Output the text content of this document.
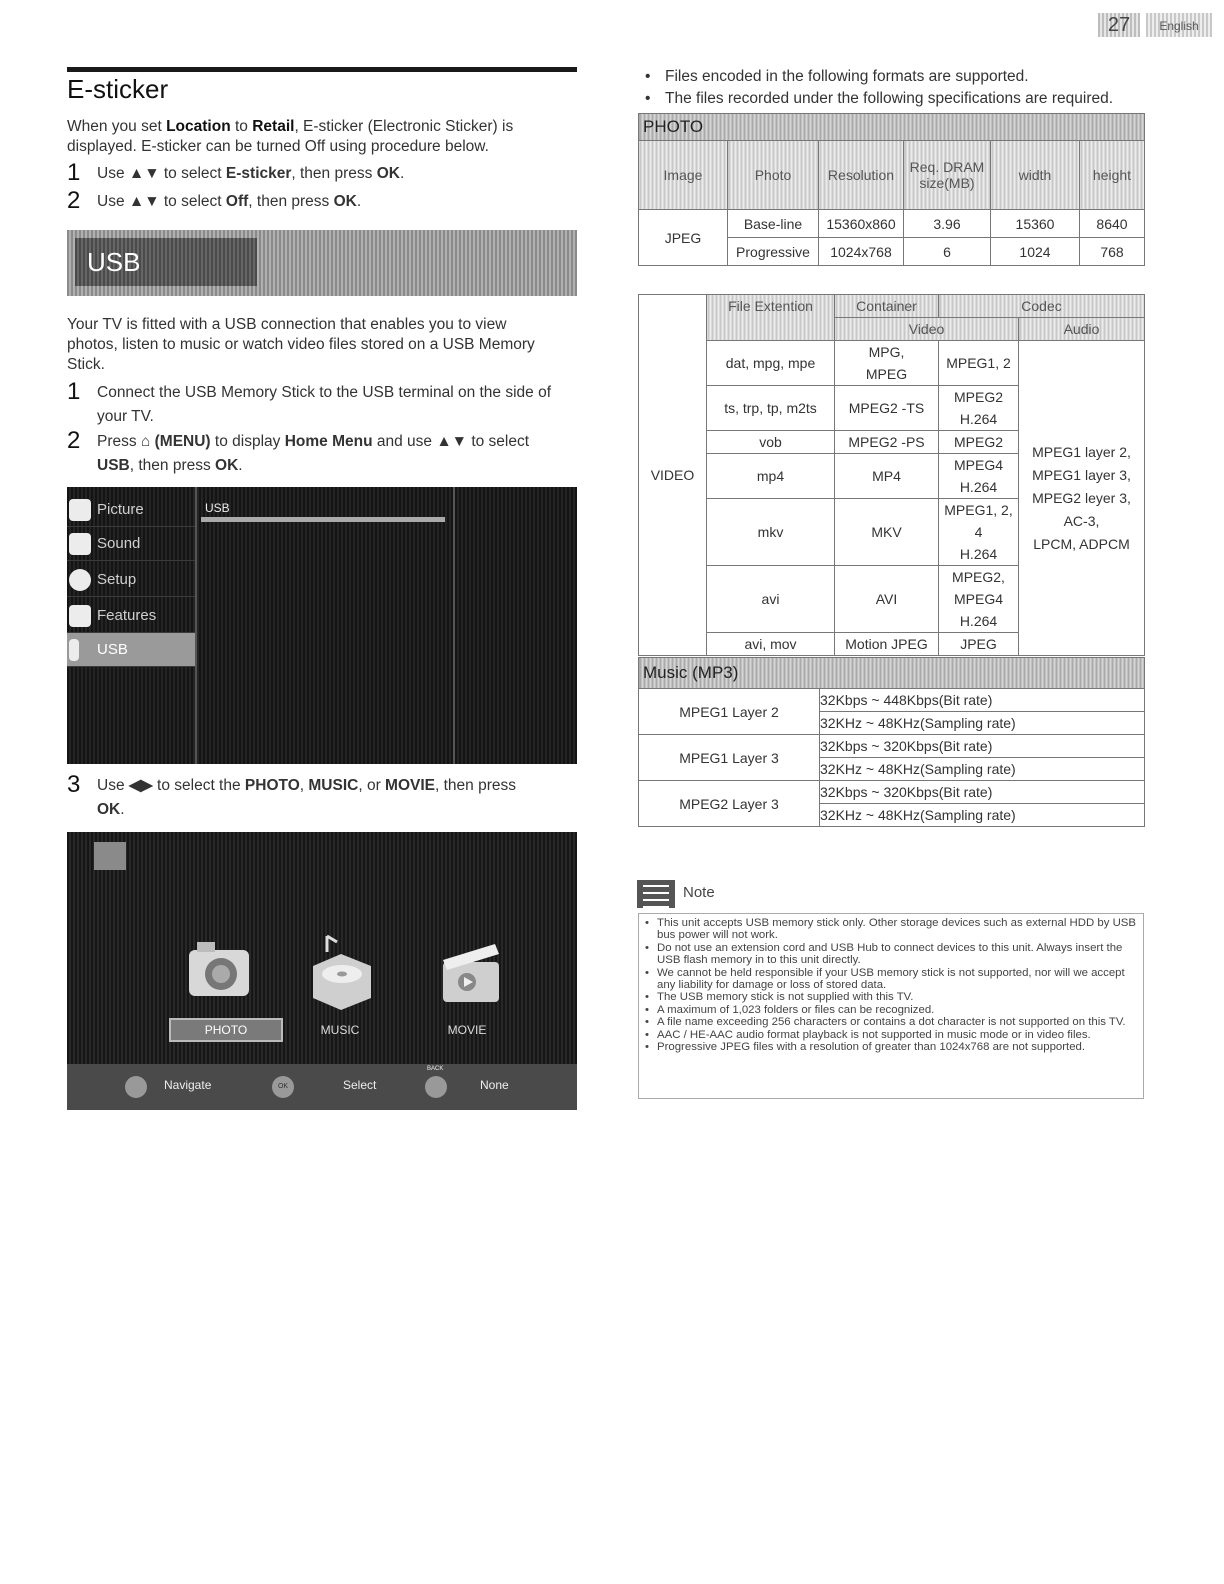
27	English
E-sticker

When you set Location to Retail, E-sticker (Electronic Sticker) is
displayed. E-sticker can be turned Off using procedure below.

1 Use ▲▼ to select E-sticker, then press OK.
2 Use ▲▼ to select Off, then press OK.
USB

Your TV is fitted with a USB connection that enables you to view
photos, listen to music or watch video files stored on a USB Memory
Stick.

1 Connect the USB Memory Stick to the USB terminal on the side of
your TV.
2 Press ⌂ (MENU) to display Home Menu and use ▲▼ to select
USB, then press OK.
Picture
Sound
Setup
Features
USB
USB
3 Use ◀▶ to select the PHOTO, MUSIC, or MOVIE, then press
OK.
PHOTO	MUSIC	MOVIE
Navigate	OK	Select
BACK
None
• Files encoded in the following formats are supported.
• The files recorded under the following specifications are required.
PHOTO					
Image	Photo	Resolution	Req. DRAM size(MB)	width	height
JPEG	Base-line	15360x860	3.96	15360	8640
	Progressive	1024x768	6	1024	768
VIDEO	File Extention	Container	Codec	
		Video		Audio
	dat, mpg, mpe	MPG,
MPEG	MPEG1, 2	MPEG1 layer 2,
MPEG1 layer 3,
MPEG2 leyer 3,
AC-3,
LPCM, ADPCM
	ts, trp, tp, m2ts	MPEG2 -TS	MPEG2
H.264	
	vob	MPEG2 -PS	MPEG2	
	mp4	MP4	MPEG4
H.264	
	mkv	MKV	MPEG1, 2, 4
H.264	
	avi	AVI	MPEG2,
MPEG4
H.264	
	avi, mov	Motion JPEG	JPEG	
Music (MP3)	
MPEG1 Layer 2	32Kbps ~ 448Kbps(Bit rate)
32KHz ~ 48KHz(Sampling rate)

MPEG1 Layer 3	32Kbps ~ 320Kbps(Bit rate)
32KHz ~ 48KHz(Sampling rate)

MPEG2 Layer 3	32Kbps ~ 320Kbps(Bit rate)
32KHz ~ 48KHz(Sampling rate)
Note
• This unit accepts USB memory stick only. Other storage devices such as external HDD by USB bus power will not work.
• Do not use an extension cord and USB Hub to connect devices to this unit. Always insert the USB flash memory in to this unit directly.
• We cannot be held responsible if your USB memory stick is not supported, nor will we accept any liability for damage or loss of stored data.
• The USB memory stick is not supplied with this TV.
• A maximum of 1,023 folders or files can be recognized.
• A file name exceeding 256 characters or contains a dot character is not supported on this TV.
• AAC / HE-AAC audio format playback is not supported in music mode or in video files.
• Progressive JPEG files with a resolution of greater than 1024x768 are not supported.
